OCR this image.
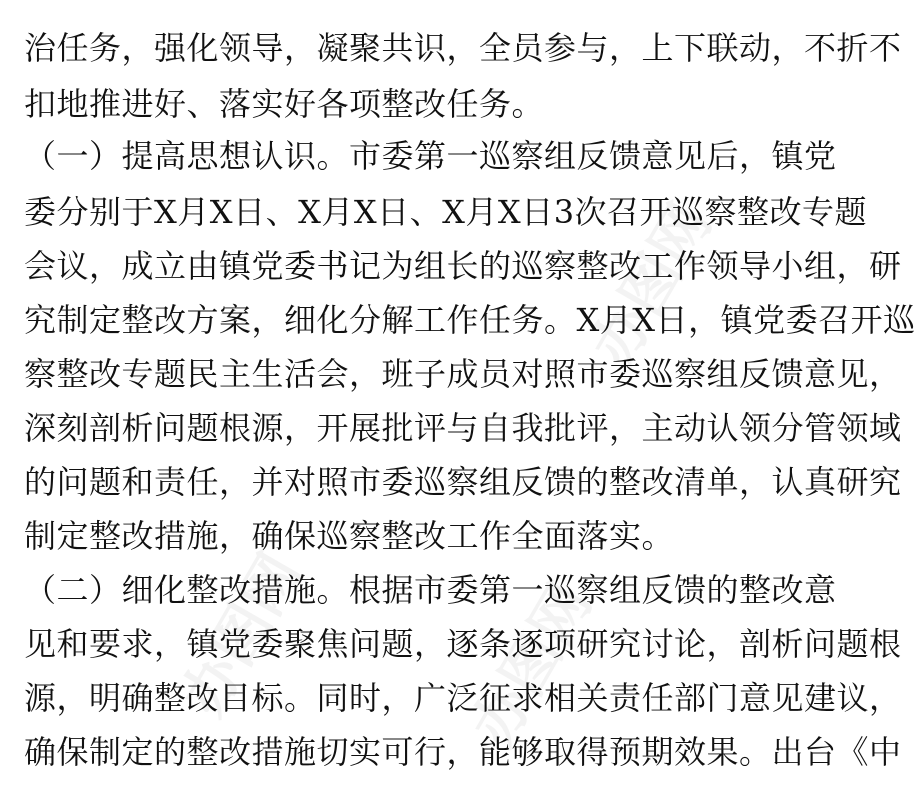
办图网
办图网
办图网
治任务，强化领导，凝聚共识，全员参与，上下联动，不折不
扣地推进好、落实好各项整改任务。
（一）提高思想认识。市委第一巡察组反馈意见后，镇党
委分别于X月X日、X月X日、X月X日3次召开巡察整改专题
会议，成立由镇党委书记为组长的巡察整改工作领导小组，研
究制定整改方案，细化分解工作任务。X月X日，镇党委召开巡
察整改专题民主生活会，班子成员对照市委巡察组反馈意见，
深刻剖析问题根源，开展批评与自我批评，主动认领分管领域
的问题和责任，并对照市委巡察组反馈的整改清单，认真研究
制定整改措施，确保巡察整改工作全面落实。
（二）细化整改措施。根据市委第一巡察组反馈的整改意
见和要求，镇党委聚焦问题，逐条逐项研究讨论，剖析问题根
源，明确整改目标。同时，广泛征求相关责任部门意见建议，
确保制定的整改措施切实可行，能够取得预期效果。出台《中
